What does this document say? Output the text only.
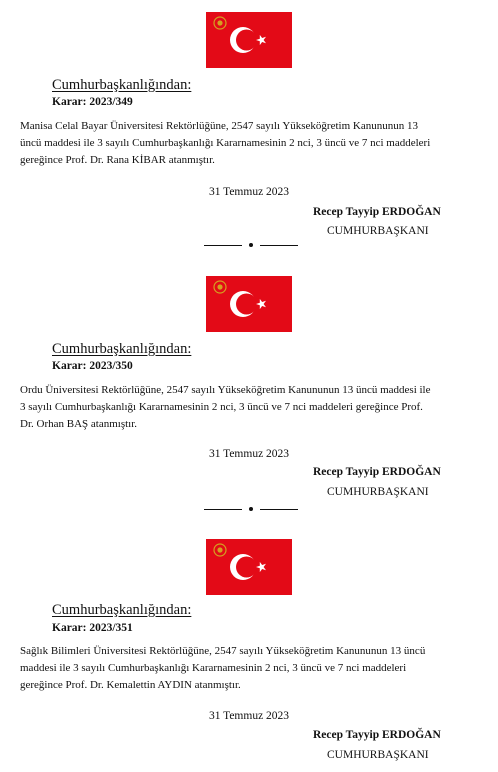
Cumhurbaşkanlığından:
Karar: 2023/349
Manisa Celal Bayar Üniversitesi Rektörlüğüne, 2547 sayılı Yükseköğretim Kanununun 13
üncü maddesi ile 3 sayılı Cumhurbaşkanlığı Kararnamesinin 2 nci, 3 üncü ve 7 nci maddeleri
gereğince Prof. Dr. Rana KİBAR atanmıştır.
31 Temmuz 2023
Recep Tayyip ERDOĞAN
CUMHURBAŞKANI
Cumhurbaşkanlığından:
Karar: 2023/350
Ordu Üniversitesi Rektörlüğüne, 2547 sayılı Yükseköğretim Kanununun 13 üncü maddesi ile
3 sayılı Cumhurbaşkanlığı Kararnamesinin 2 nci, 3 üncü ve 7 nci maddeleri gereğince Prof.
Dr. Orhan BAŞ atanmıştır.
31 Temmuz 2023
Recep Tayyip ERDOĞAN
CUMHURBAŞKANI
Cumhurbaşkanlığından:
Karar: 2023/351
Sağlık Bilimleri Üniversitesi Rektörlüğüne, 2547 sayılı Yükseköğretim Kanununun 13 üncü
maddesi ile 3 sayılı Cumhurbaşkanlığı Kararnamesinin 2 nci, 3 üncü ve 7 nci maddeleri
gereğince Prof. Dr. Kemalettin AYDIN atanmıştır.
31 Temmuz 2023
Recep Tayyip ERDOĞAN
CUMHURBAŞKANI
